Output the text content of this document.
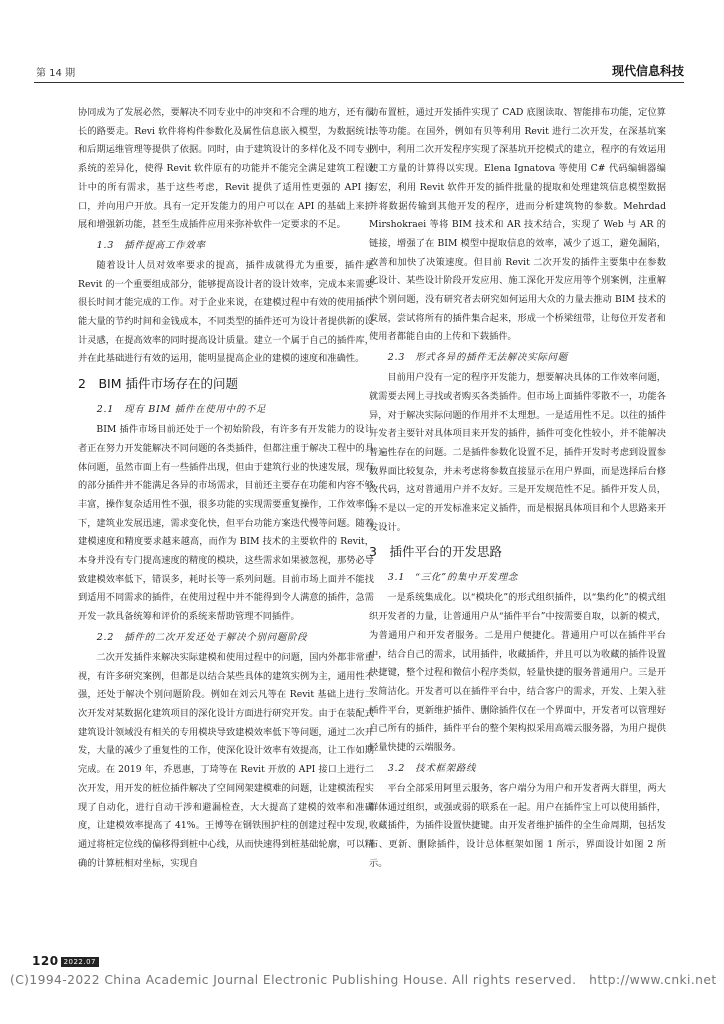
第 14 期	现代信息科技

协同成为了发展必然，要解决不同专业中的冲突和不合理的地方，还有很长的路要走。Revi 软件将构件参数化及属性信息嵌入模型，为数据统计和后期运维管理等提供了依据。同时，由于建筑设计的多样化及不同专业系统的差异化，使得 Revit 软件原有的功能并不能完全满足建筑工程设计中的所有需求，基于这些考虑，Revit 提供了适用性更强的 API 接口，并向用户开放。具有一定开发能力的用户可以在 API 的基础上来扩展和增强新功能，甚至生成插件应用来弥补软件一定要求的不足。

1.3　插件提高工作效率

随着设计人员对效率要求的提高，插件成就得尤为重要，插件是 Revit 的一个重要组成部分，能够提高设计者的设计效率，完成本来需要很长时间才能完成的工作。对于企业来说，在建模过程中有效的使用插件能大量的节约时间和金钱成本，不同类型的插件还可为设计者提供新的设计灵感，在提高效率的同时提高设计质量。建立一个属于自己的插件库，并在此基础进行有效的运用，能明显提高企业的建模的速度和准确性。

2　BIM 插件市场存在的问题
2.1　现有 BIM 插件在使用中的不足

BIM 插件市场目前还处于一个初始阶段，有许多有开发能力的设计者正在努力开发能解决不同问题的各类插件，但都注重于解决工程中的具体问题，虽然市面上有一些插件出现，但由于建筑行业的快速发展，现有的部分插件并不能满足各异的市场需求，目前还主要存在功能和内容不够丰富，操作复杂适用性不强，很多功能的实现需要重复操作，工作效率低下，建筑业发展迅速，需求变化快，但平台功能方案迭代慢等问题。随着建模速度和精度要求越来越高，而作为 BIM 技术的主要软件的 Revit，本身并没有专门提高速度的精度的模块，这些需求如果被忽视，那势必导致建模效率低下，错误多，耗时长等一系列问题。目前市场上面并不能找到适用不同需求的插件，在使用过程中并不能得到令人满意的插件，急需开发一款具备统筹和评价的系统来帮助管理不同插件。

2.2　插件的二次开发还处于解决个别问题阶段

二次开发插件来解决实际建模和使用过程中的问题，国内外都非常重视，有许多研究案例，但都是以结合某些具体的建筑实例为主，通用性不强，还处于解决个别问题阶段。例如在刘云凡等在 Revit 基础上进行二次开发对某数据化建筑项目的深化设计方面进行研究开发。由于在装配式建筑设计领域没有相关的专用模块导致建模效率低下等问题，通过二次开发，大量的减少了重复性的工作，使深化设计效率有效提高，让工作如期完成。在 2019 年，乔恩惠，丁琦等在 Revit 开放的 API 接口上进行二次开发，用开发的桩位插件解决了空间网架建模难的问题，让建模流程实现了自动化，进行自动干涉和避漏检查，大大提高了建模的效率和准确度，让建模效率提高了 41%。王博等在钢铁围护柱的创建过程中发现，通过将桩定位线的偏移得到桩中心线，从而快速得到桩基础轮廓，可以精确的计算桩相对坐标，实现自

动布置桩，通过开发插件实现了 CAD 底图读取、智能排布功能，定位算法等功能。在国外，例如有贝等利用 Revit 进行二次开发，在深基坑案例中，利用二次开发程序实现了深基坑开挖模式的建立，程序的有效运用使工方量的计算得以实现。Elena Ignatova 等使用 C# 代码编辑器编写宏，利用 Revit 软件开发的插件批量的提取和处理建筑信息模型数据并将数据传输到其他开发的程序，进而分析建筑物的参数。Mehrdad Mirshokraei 等将 BIM 技术和 AR 技术结合，实现了 Web 与 AR 的链接，增强了在 BIM 模型中提取信息的效率，减少了返工，避免漏陷，改善和加快了决策速度。但目前 Revit 二次开发的插件主要集中在参数化设计、某些设计阶段开发应用、施工深化开发应用等个别案例，注重解决个别问题，没有研究者去研究如何运用大众的力量去推动 BIM 技术的发展，尝试将所有的插件集合起来，形成一个桥梁纽带，让每位开发者和使用者都能自由的上传和下载插件。

2.3　形式各异的插件无法解决实际问题

目前用户没有一定的程序开发能力，想要解决具体的工作效率问题，就需要去网上寻找或者购买各类插件。但市场上面插件零散不一，功能各异，对于解决实际问题的作用并不太理想。一是适用性不足。以往的插件开发者主要针对具体项目来开发的插件，插件可变化性较小，并不能解决普遍性存在的问题。二是插件参数化设置不足，插件开发时考虑到设置参数界面比较复杂，并未考虑将参数直接显示在用户界面，而是选择后台修改代码，这对普通用户并不友好。三是开发规范性不足。插件开发人员，并不是以一定的开发标准来定义插件，而是根据具体项目和个人思路来开发设计。

3　插件平台的开发思路
3.1　“三化”的集中开发理念

一是系统集成化。以“模块化”的形式组织插件，以“集约化”的模式组织开发者的力量，让普通用户从“插件平台”中按需要自取，以新的模式，为普通用户和开发者服务。二是用户便捷化。普通用户可以在插件平台中，结合自己的需求，试用插件，收藏插件，并且可以为收藏的插件设置快捷键，整个过程和微信小程序类似，轻量快捷的服务普通用户。三是开发简洁化。开发者可以在插件平台中，结合客户的需求，开发、上架入驻插件平台，更新维护插件、删除插件仅在一个界面中，开发者可以管理好自己所有的插件，插件平台的整个架构拟采用高端云服务器，为用户提供轻量快捷的云端服务。

3.2　技术框架路线

平台全部采用阿里云服务，客户端分为用户和开发者两大群里，两大群体通过组织，或强或弱的联系在一起。用户在插件宝上可以使用插件，收藏插件，为插件设置快捷键。由开发者维护插件的全生命周期，包括发布、更新、删除插件，设计总体框架如图 1 所示，界面设计如图 2 所示。

120 2022.07
(C)1994-2022 China Academic Journal Electronic Publishing House. All rights reserved.　http://www.cnki.net
